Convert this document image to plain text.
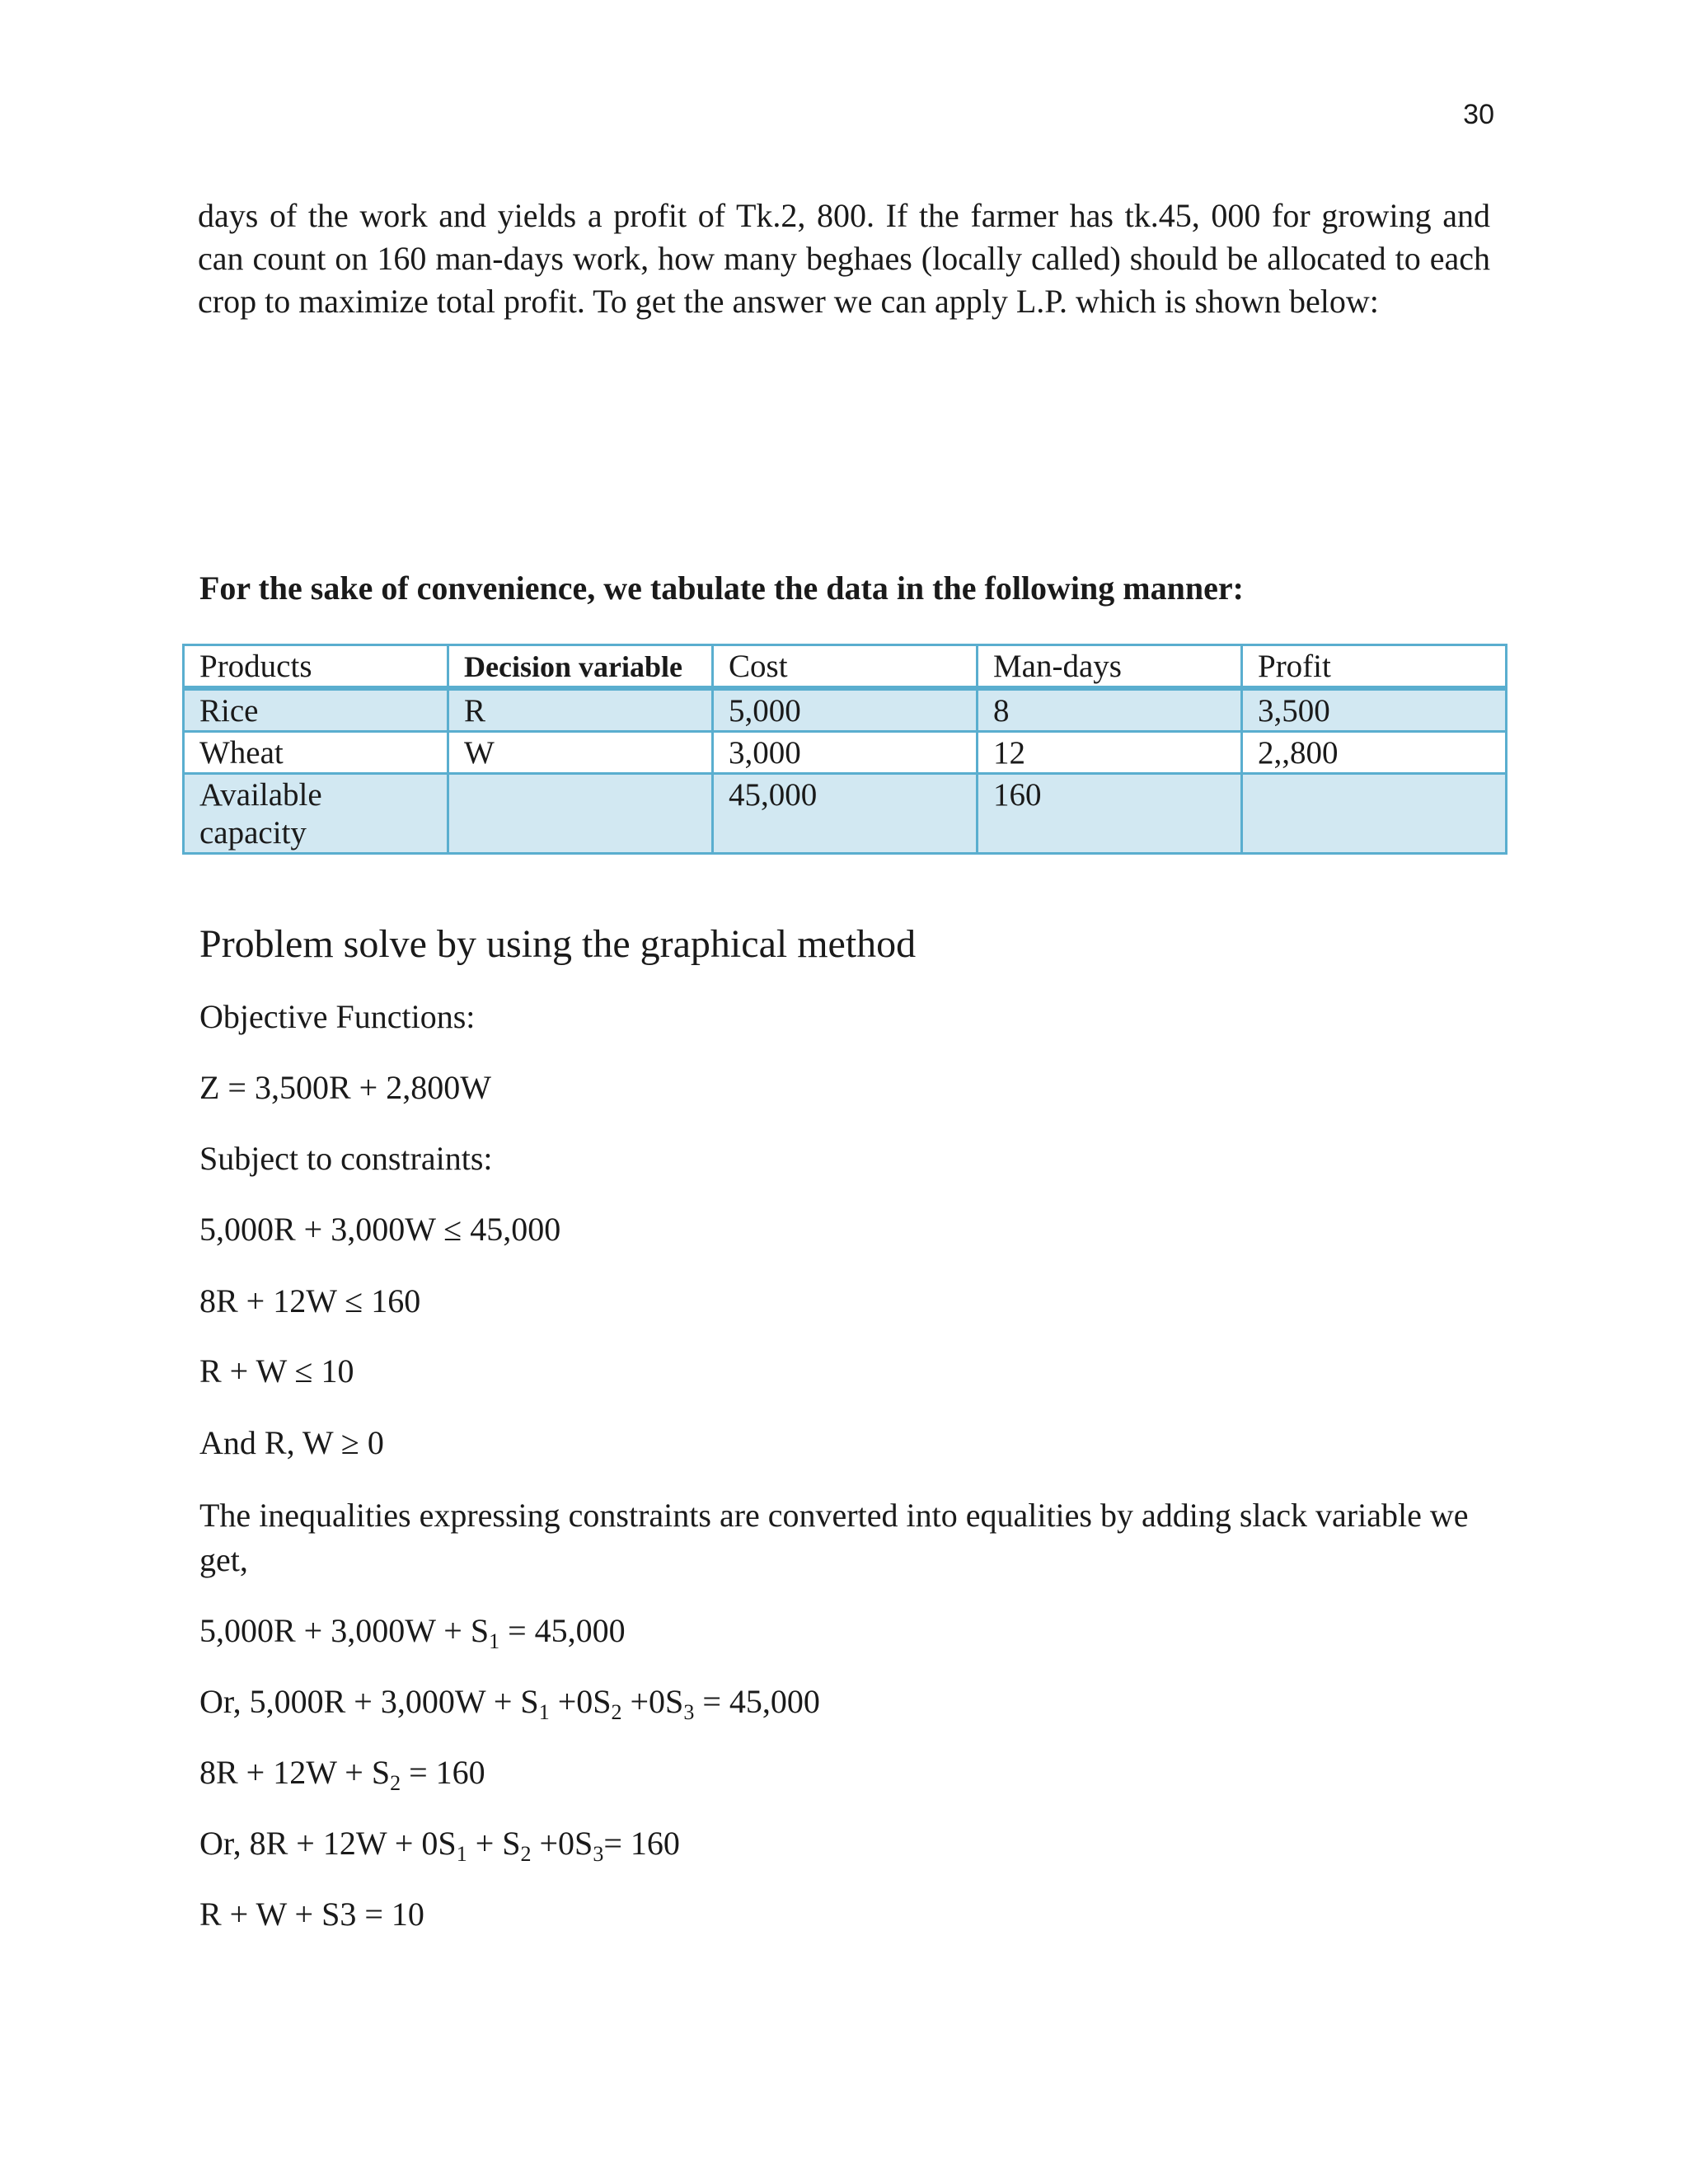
30

days of the work and yields a profit of Tk.2, 800. If the farmer has tk.45, 000 for growing and
can count on 160 man-days work, how many beghaes (locally called) should be allocated to each
crop to maximize total profit. To get the answer we can apply L.P. which is shown below:

For the sake of convenience, we tabulate the data in the following manner:

Products	Decision variable	Cost	Man-days	Profit
Rice	R	5,000	8	3,500
Wheat	W	3,000	12	2,,800
Available capacity		45,000	160	

Problem solve by using the graphical method

Objective Functions:

Z = 3,500R + 2,800W

Subject to constraints:

5,000R + 3,000W ≤ 45,000

8R + 12W ≤ 160

R + W ≤ 10

And R, W ≥ 0

The inequalities expressing constraints are converted into equalities by adding slack variable we get,

$5,000R + 3,000W + S_1 = 45,000$

Or, $5,000R + 3,000W + S_1 +0S_2 +0S_3 = 45,000$

$8R + 12W + S_2 = 160$

Or, $8R + 12W + 0S_1 + S_2 +0S_3= 160$

R + W + S3 = 10
